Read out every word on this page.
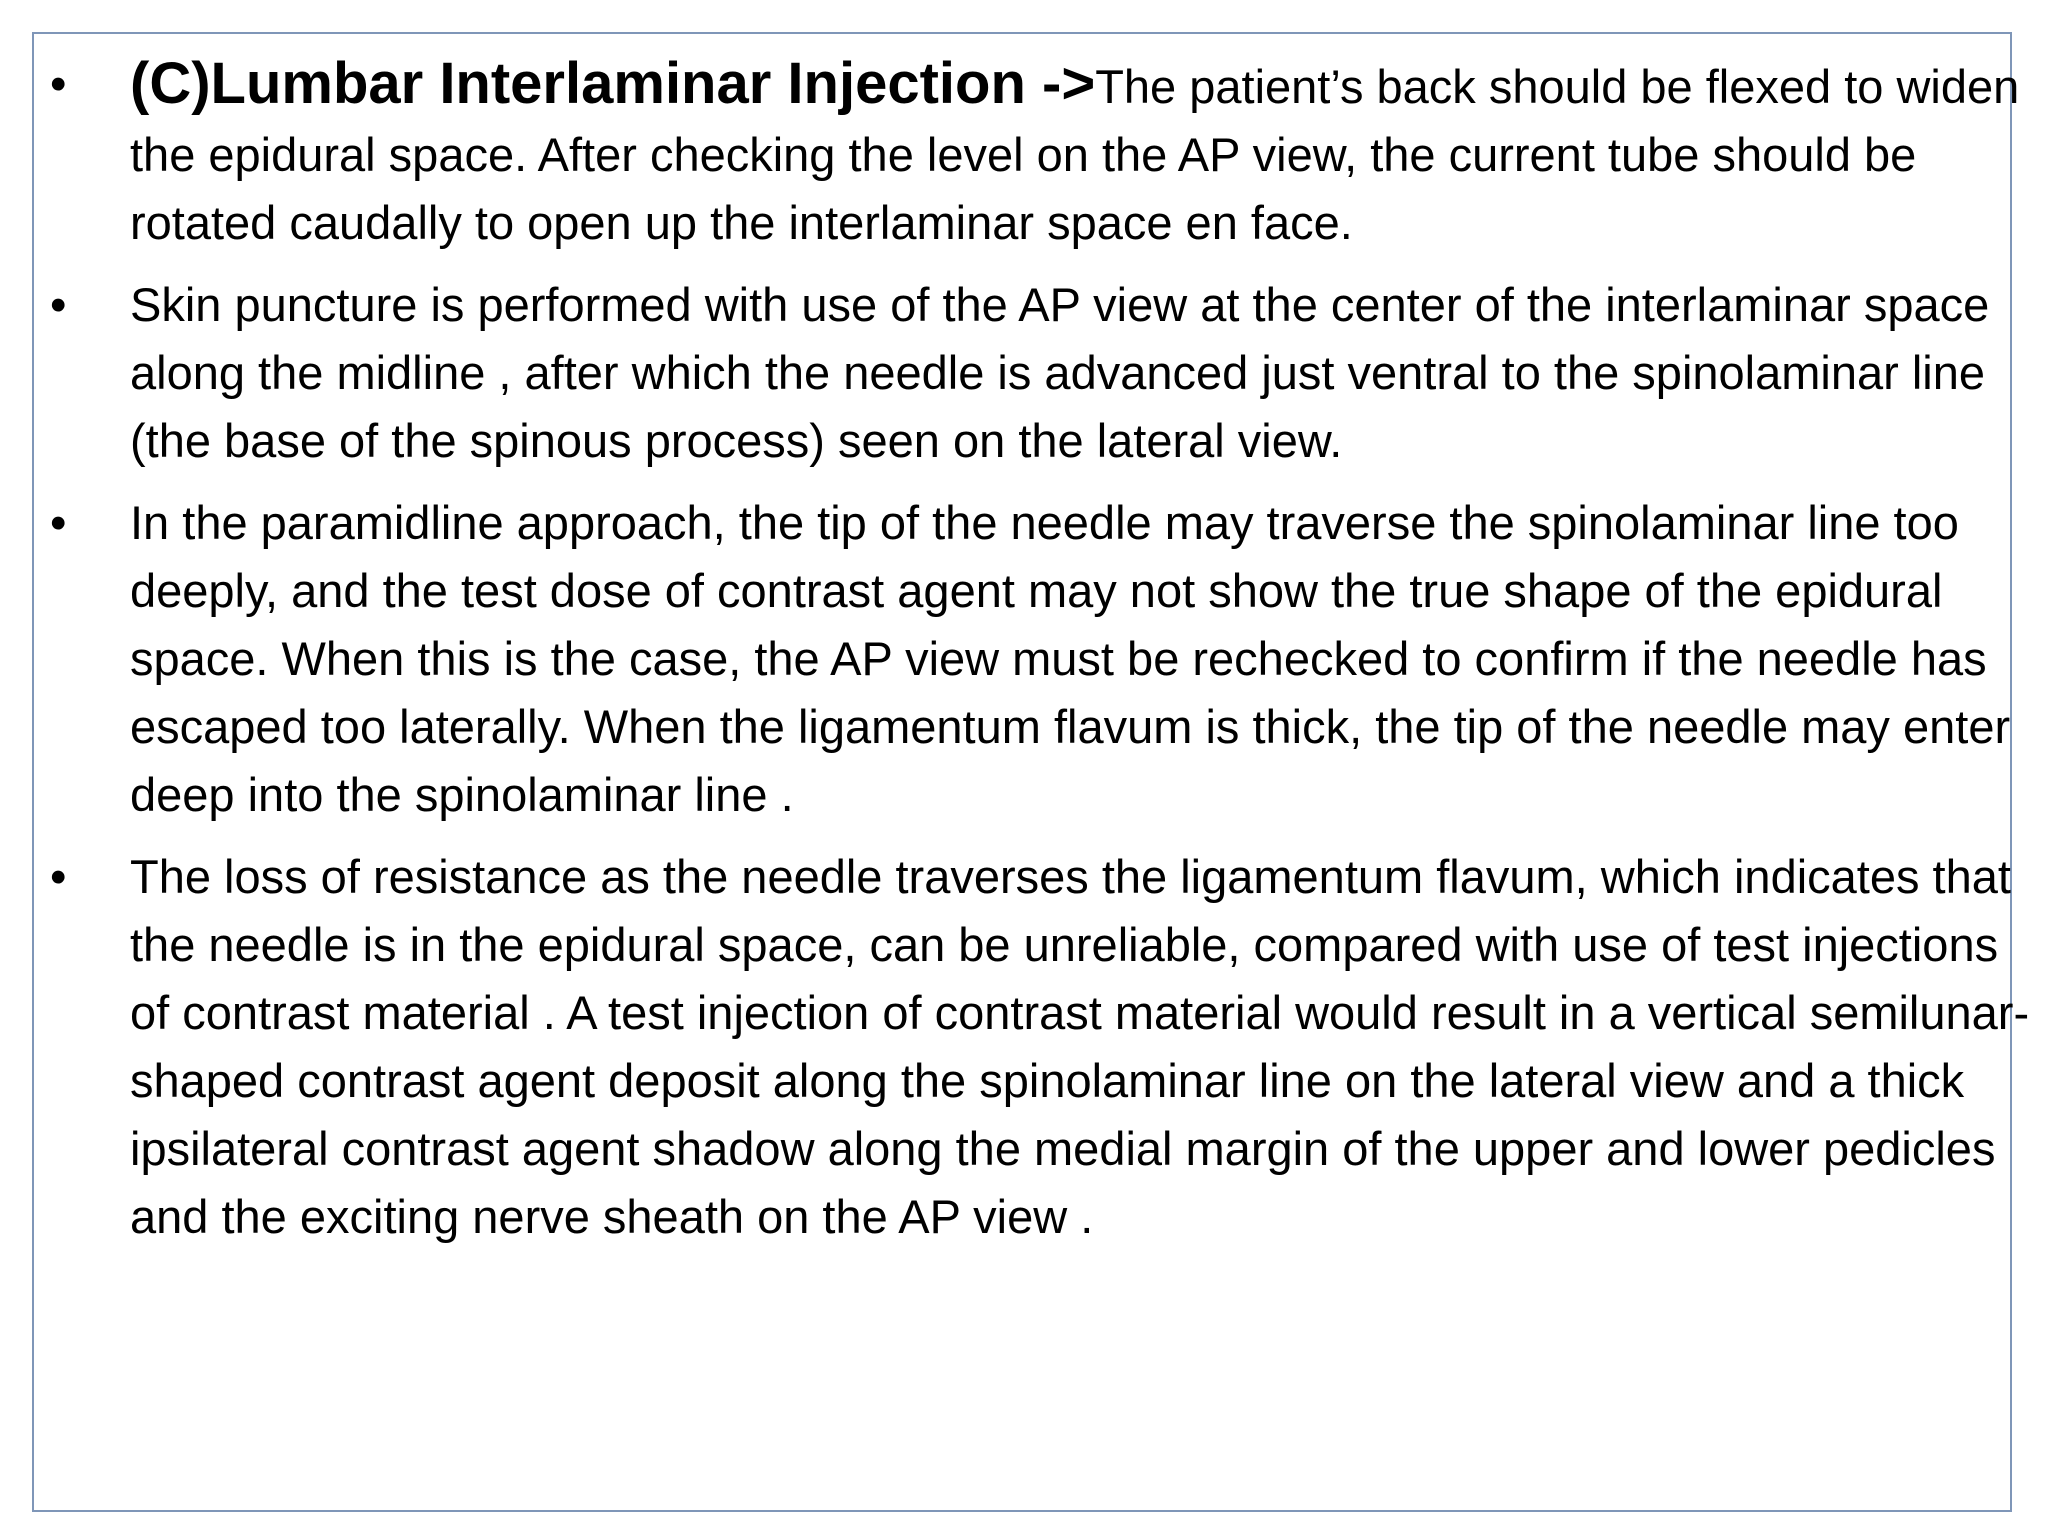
• (C)Lumbar Interlaminar Injection ->The patient’s back should be flexed to widen the epidural space. After checking the level on the AP view, the current tube should be rotated caudally to open up the interlaminar space en face.
• Skin puncture is performed with use of the AP view at the center of the interlaminar space along the midline , after which the needle is advanced just ventral to the spinolaminar line (the base of the spinous process) seen on the lateral view.
• In the paramidline approach, the tip of the needle may traverse the spinolaminar line too deeply, and the test dose of contrast agent may not show the true shape of the epidural space. When this is the case, the AP view must be rechecked to confirm if the needle has escaped too laterally. When the ligamentum flavum is thick, the tip of the needle may enter deep into the spinolaminar line .
• The loss of resistance as the needle traverses the ligamentum flavum, which indicates that the needle is in the epidural space, can be unreliable, compared with use of test injections of contrast material . A test injection of contrast material would result in a vertical semilunar-shaped contrast agent deposit along the spinolaminar line on the lateral view and a thick ipsilateral contrast agent shadow along the medial margin of the upper and lower pedicles and the exciting nerve sheath on the AP view .
